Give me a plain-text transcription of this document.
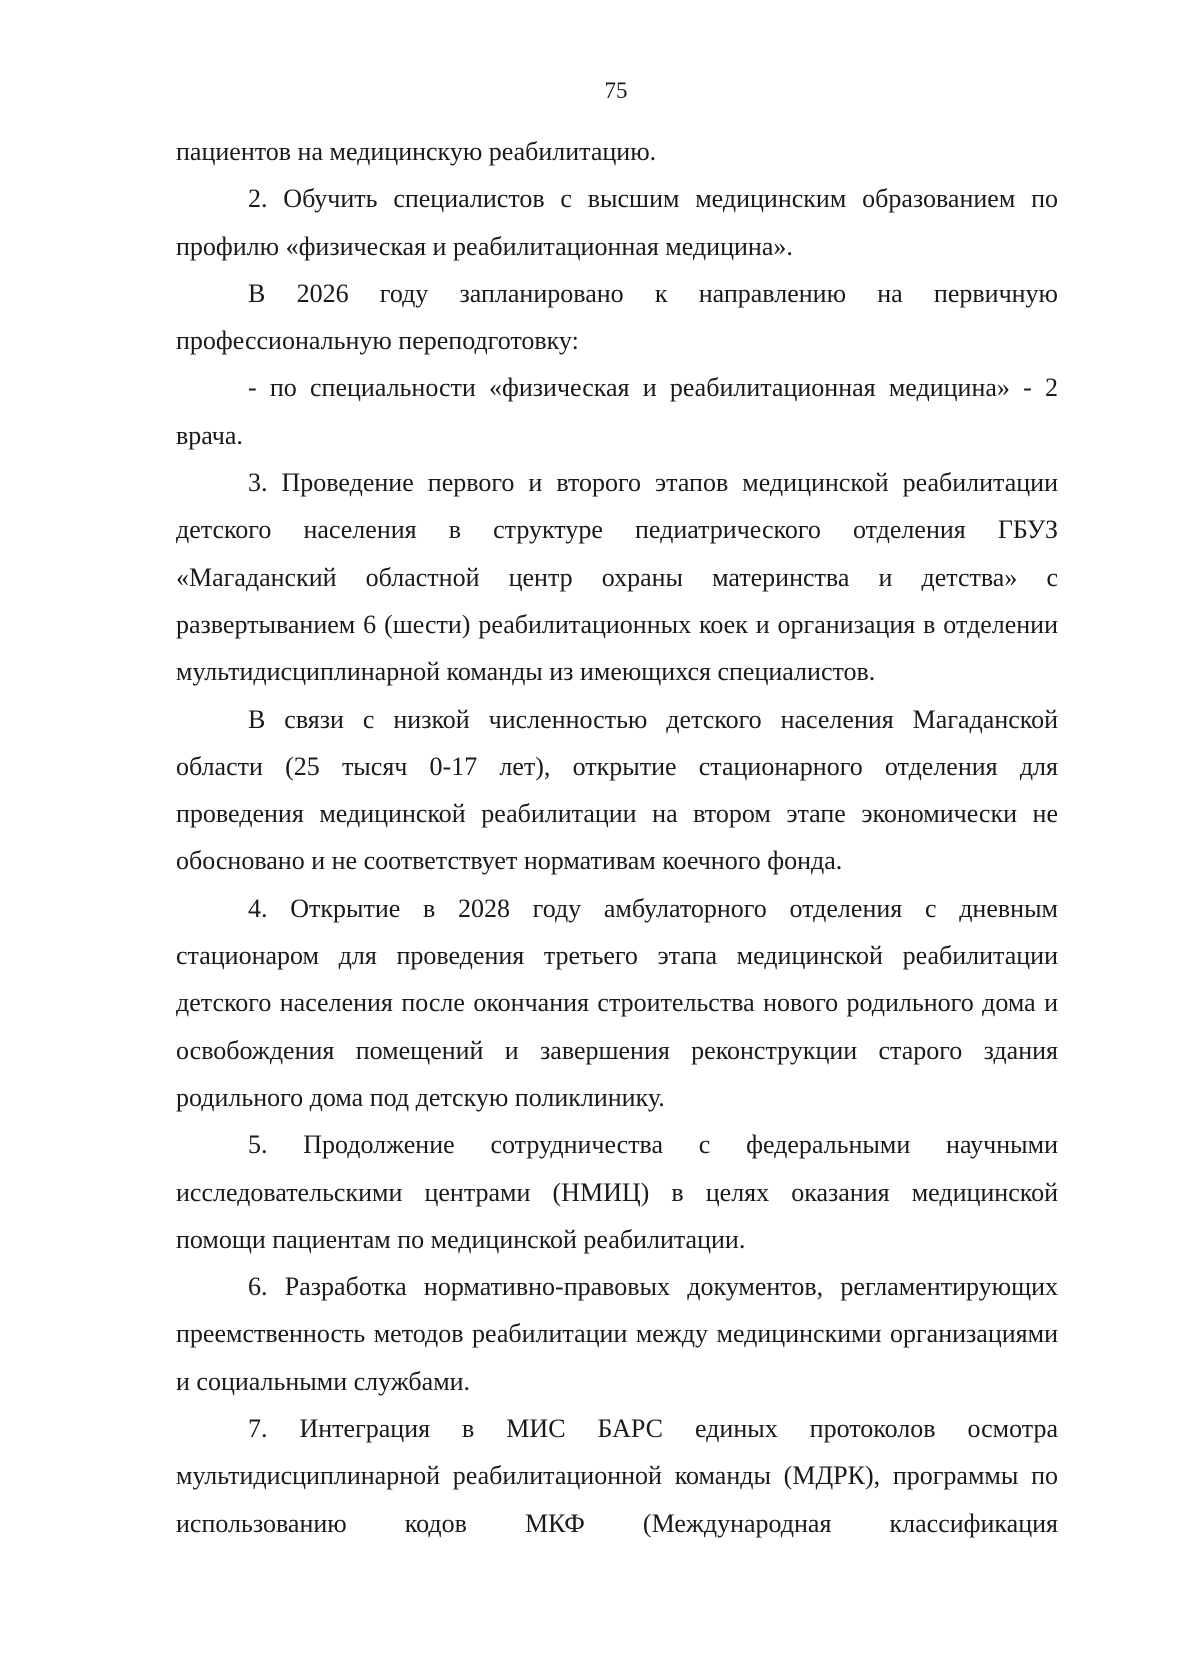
75

пациентов на медицинскую реабилитацию.

2. Обучить специалистов с высшим медицинским образованием по профилю «физическая и реабилитационная медицина».

В 2026 году запланировано к направлению на первичную профессиональную переподготовку:

- по специальности «физическая и реабилитационная медицина» - 2 врача.

3. Проведение первого и второго этапов медицинской реабилитации детского населения в структуре педиатрического отделения ГБУЗ «Магаданский областной центр охраны материнства и детства» с развертыванием 6 (шести) реабилитационных коек и организация в отделении мультидисциплинарной команды из имеющихся специалистов.

В связи с низкой численностью детского населения Магаданской области (25 тысяч 0-17 лет), открытие стационарного отделения для проведения медицинской реабилитации на втором этапе экономически не обосновано и не соответствует нормативам коечного фонда.

4. Открытие в 2028 году амбулаторного отделения с дневным стационаром для проведения третьего этапа медицинской реабилитации детского населения после окончания строительства нового родильного дома и освобождения помещений и завершения реконструкции старого здания родильного дома под детскую поликлинику.

5. Продолжение сотрудничества с федеральными научными исследовательскими центрами (НМИЦ) в целях оказания медицинской помощи пациентам по медицинской реабилитации.

6. Разработка нормативно-правовых документов, регламентирующих преемственность методов реабилитации между медицинскими организациями и социальными службами.

7. Интеграция в МИС БАРС единых протоколов осмотра мультидисциплинарной реабилитационной команды (МДРК), программы по использованию кодов МКФ (Международная классификация
